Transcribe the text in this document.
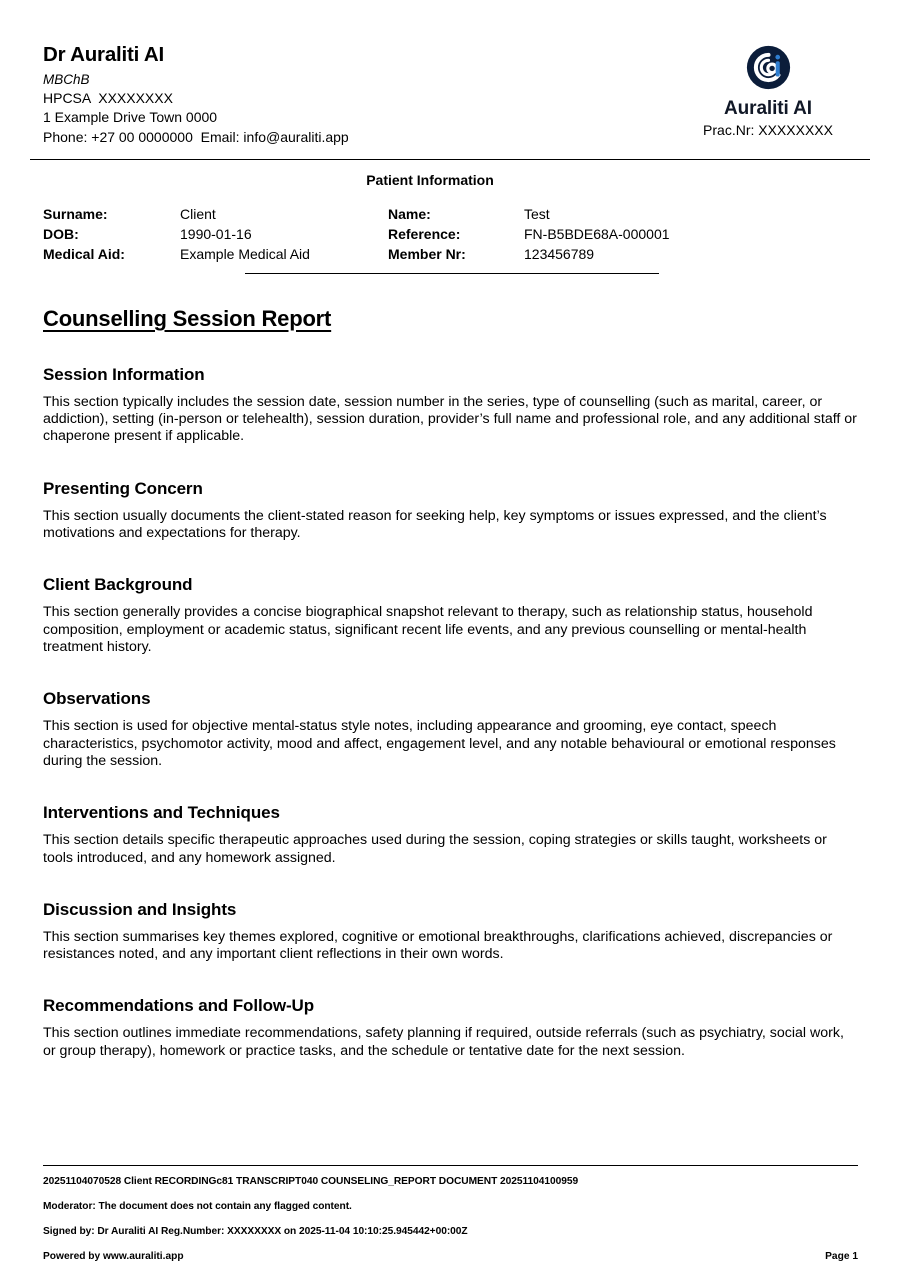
Dr Auraliti AI
MBChB
HPCSA  XXXXXXXX
1 Example Drive Town 0000
Phone: +27 00 0000000  Email: info@auraliti.app
Auraliti AI
Prac.Nr: XXXXXXXX
Patient Information
Surname:	Client	Name:	Test
DOB:	1990-01-16	Reference:	FN-B5BDE68A-000001
Medical Aid:	Example Medical Aid	Member Nr:	123456789
Counselling Session Report
Session Information

This section typically includes the session date, session number in the series, type of counselling (such as marital, career, or addiction), setting (in-person or telehealth), session duration, provider’s full name and professional role, and any additional staff or chaperone present if applicable.

Presenting Concern

This section usually documents the client-stated reason for seeking help, key symptoms or issues expressed, and the client’s motivations and expectations for therapy.

Client Background

This section generally provides a concise biographical snapshot relevant to therapy, such as relationship status, household composition, employment or academic status, significant recent life events, and any previous counselling or mental-health treatment history.

Observations

This section is used for objective mental-status style notes, including appearance and grooming, eye contact, speech characteristics, psychomotor activity, mood and affect, engagement level, and any notable behavioural or emotional responses during the session.

Interventions and Techniques

This section details specific therapeutic approaches used during the session, coping strategies or skills taught, worksheets or tools introduced, and any homework assigned.

Discussion and Insights

This section summarises key themes explored, cognitive or emotional breakthroughs, clarifications achieved, discrepancies or resistances noted, and any important client reflections in their own words.

Recommendations and Follow-Up

This section outlines immediate recommendations, safety planning if required, outside referrals (such as psychiatry, social work, or group therapy), homework or practice tasks, and the schedule or tentative date for the next session.

20251104070528 Client RECORDINGc81 TRANSCRIPT040 COUNSELING_REPORT DOCUMENT 20251104100959
Moderator: The document does not contain any flagged content.
Signed by: Dr Auraliti AI Reg.Number: XXXXXXXX on 2025-11-04 10:10:25.945442+00:00Z
Powered by www.auraliti.app	Page 1
